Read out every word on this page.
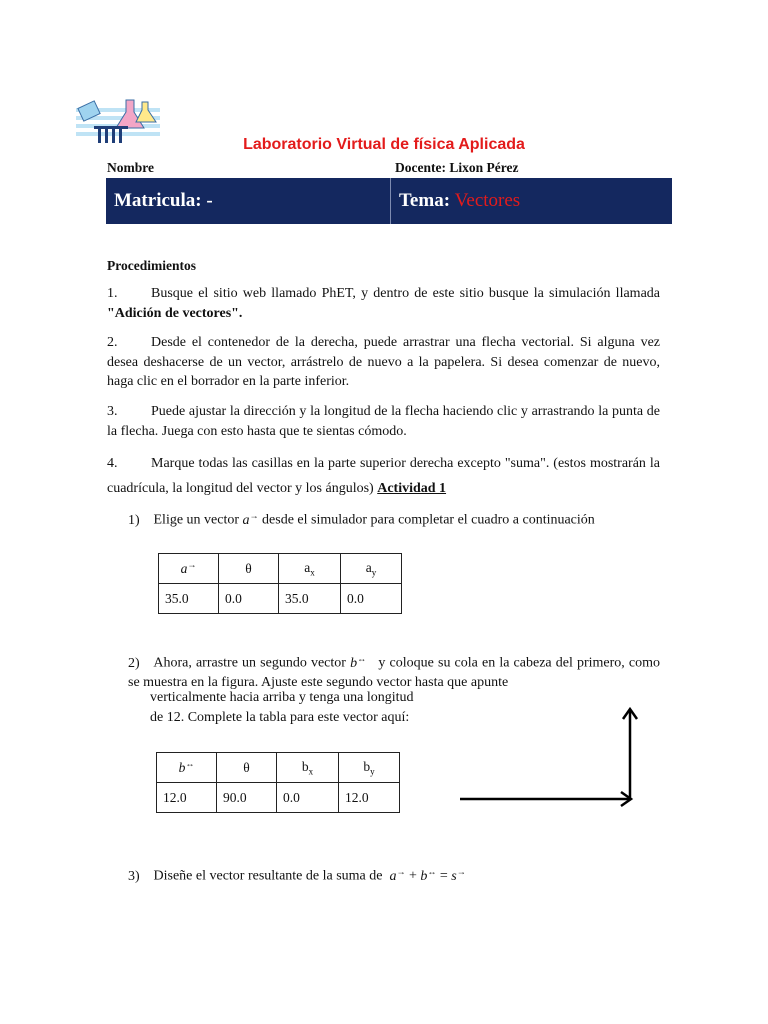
Laboratorio Virtual de física Aplicada
Nombre	Docente: Lixon Pérez
Matricula: -	Tema: Vectores
Procedimientos
1. Busque el sitio web llamado PhET, y dentro de este sitio busque la simulación llamada "Adición de vectores".
2. Desde el contenedor de la derecha, puede arrastrar una flecha vectorial. Si alguna vez desea deshacerse de un vector, arrástrelo de nuevo a la papelera. Si desea comenzar de nuevo, haga clic en el borrador en la parte inferior.
3. Puede ajustar la dirección y la longitud de la flecha haciendo clic y arrastrando la punta de la flecha. Juega con esto hasta que te sientas cómodo.
4. Marque todas las casillas en la parte superior derecha excepto "suma". (estos mostrarán la cuadrícula, la longitud del vector y los ángulos) Actividad 1
1) Elige un vector a→ desde el simulador para completar el cuadro a continuación
a→	θ	$a_x$	$a_y$
35.0	0.0	35.0	0.0
2) Ahora, arrastre un segundo vector b↔   y coloque su cola en la cabeza del primero, como se muestra en la figura. Ajuste este segundo vector hasta que apunte
verticalmente hacia arriba y tenga una longitud
de 12. Complete la tabla para este vector aquí:
b↔	θ	$b_x$	$b_y$
12.0	90.0	0.0	12.0
3) Diseñe el vector resultante de la suma de  a→ + b↔ = s→
